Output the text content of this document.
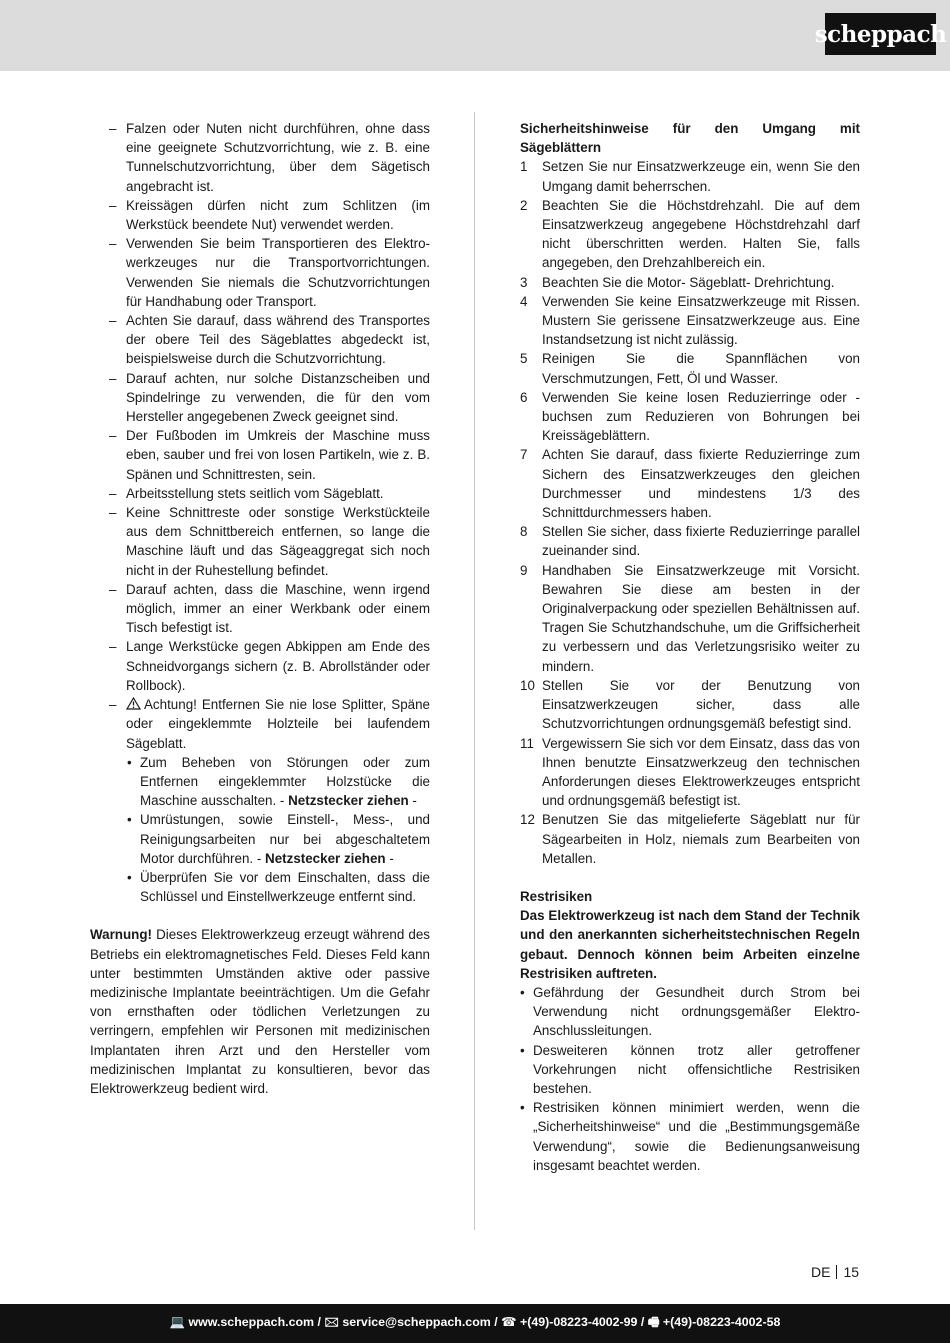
scheppach
– Falzen oder Nuten nicht durchführen, ohne dass eine geeignete Schutzvorrichtung, wie z. B. eine Tunnelschutzvorrichtung, über dem Sägetisch angebracht ist.
– Kreissägen dürfen nicht zum Schlitzen (im Werkstück beendete Nut) verwendet werden.
– Verwenden Sie beim Transportieren des Elektro-werkzeuges nur die Transportvorrichtungen. Verwenden Sie niemals die Schutzvorrichtungen für Handhabung oder Transport.
– Achten Sie darauf, dass während des Transportes der obere Teil des Sägeblattes abgedeckt ist, beispielsweise durch die Schutzvorrichtung.
– Darauf achten, nur solche Distanzscheiben und Spindelringe zu verwenden, die für den vom Hersteller angegebenen Zweck geeignet sind.
– Der Fußboden im Umkreis der Maschine muss eben, sauber und frei von losen Partikeln, wie z. B. Spänen und Schnittresten, sein.
– Arbeitsstellung stets seitlich vom Sägeblatt.
– Keine Schnittreste oder sonstige Werkstückteile aus dem Schnittbereich entfernen, so lange die Maschine läuft und das Sägeaggregat sich noch nicht in der Ruhestellung befindet.
– Darauf achten, dass die Maschine, wenn irgend möglich, immer an einer Werkbank oder einem Tisch befestigt ist.
– Lange Werkstücke gegen Abkippen am Ende des Schneidvorgangs sichern (z. B. Abrollständer oder Rollbock).
– Achtung! Entfernen Sie nie lose Splitter, Späne oder eingeklemmte Holzteile bei laufendem Sägeblatt.
• Zum Beheben von Störungen oder zum Entfernen eingeklemmter Holzstücke die Maschine ausschalten. - Netzstecker ziehen -
• Umrüstungen, sowie Einstell-, Mess-, und Reinigungsarbeiten nur bei abgeschaltetem Motor durchführen. - Netzstecker ziehen -
• Überprüfen Sie vor dem Einschalten, dass die Schlüssel und Einstellwerkzeuge entfernt sind.
Warnung! Dieses Elektrowerkzeug erzeugt während des Betriebs ein elektromagnetisches Feld. Dieses Feld kann unter bestimmten Umständen aktive oder passive medizinische Implantate beeinträchtigen. Um die Gefahr von ernsthaften oder tödlichen Verletzungen zu verringern, empfehlen wir Personen mit medizinischen Implantaten ihren Arzt und den Hersteller vom medizinischen Implantat zu konsultieren, bevor das Elektrowerkzeug bedient wird.
Sicherheitshinweise für den Umgang mit Sägeblättern
1 Setzen Sie nur Einsatzwerkzeuge ein, wenn Sie den Umgang damit beherrschen.
2 Beachten Sie die Höchstdrehzahl. Die auf dem Einsatzwerkzeug angegebene Höchstdrehzahl darf nicht überschritten werden. Halten Sie, falls angegeben, den Drehzahlbereich ein.
3 Beachten Sie die Motor- Sägeblatt- Drehrichtung.
4 Verwenden Sie keine Einsatzwerkzeuge mit Rissen. Mustern Sie gerissene Einsatzwerkzeuge aus. Eine Instandsetzung ist nicht zulässig.
5 Reinigen Sie die Spannflächen von Verschmutzungen, Fett, Öl und Wasser.
6 Verwenden Sie keine losen Reduzierringe oder -buchsen zum Reduzieren von Bohrungen bei Kreissägeblättern.
7 Achten Sie darauf, dass fixierte Reduzierringe zum Sichern des Einsatzwerkzeuges den gleichen Durchmesser und mindestens 1/3 des Schnittdurchmessers haben.
8 Stellen Sie sicher, dass fixierte Reduzierringe parallel zueinander sind.
9 Handhaben Sie Einsatzwerkzeuge mit Vorsicht. Bewahren Sie diese am besten in der Originalverpackung oder speziellen Behältnissen auf. Tragen Sie Schutzhandschuhe, um die Griffsicherheit zu verbessern und das Verletzungsrisiko weiter zu mindern.
10 Stellen Sie vor der Benutzung von Einsatzwerkzeugen sicher, dass alle Schutzvorrichtungen ordnungsgemäß befestigt sind.
11 Vergewissern Sie sich vor dem Einsatz, dass das von Ihnen benutzte Einsatzwerkzeug den technischen Anforderungen dieses Elektrowerkzeuges entspricht und ordnungsgemäß befestigt ist.
12 Benutzen Sie das mitgelieferte Sägeblatt nur für Sägearbeiten in Holz, niemals zum Bearbeiten von Metallen.
Restrisiken
Das Elektrowerkzeug ist nach dem Stand der Technik und den anerkannten sicherheitstechnischen Regeln gebaut. Dennoch können beim Arbeiten einzelne Restrisiken auftreten.
• Gefährdung der Gesundheit durch Strom bei Verwendung nicht ordnungsgemäßer Elektro-Anschlussleitungen.
• Desweiteren können trotz aller getroffener Vorkehrungen nicht offensichtliche Restrisiken bestehen.
• Restrisiken können minimiert werden, wenn die „Sicherheitshinweise“ und die „Bestimmungsgemäße Verwendung“, sowie die Bedienungsanweisung insgesamt beachtet werden.
DE 15
💻 www.scheppach.com / 🖂 service@scheppach.com / ☎ +(49)-08223-4002-99 / 🖷 +(49)-08223-4002-58
